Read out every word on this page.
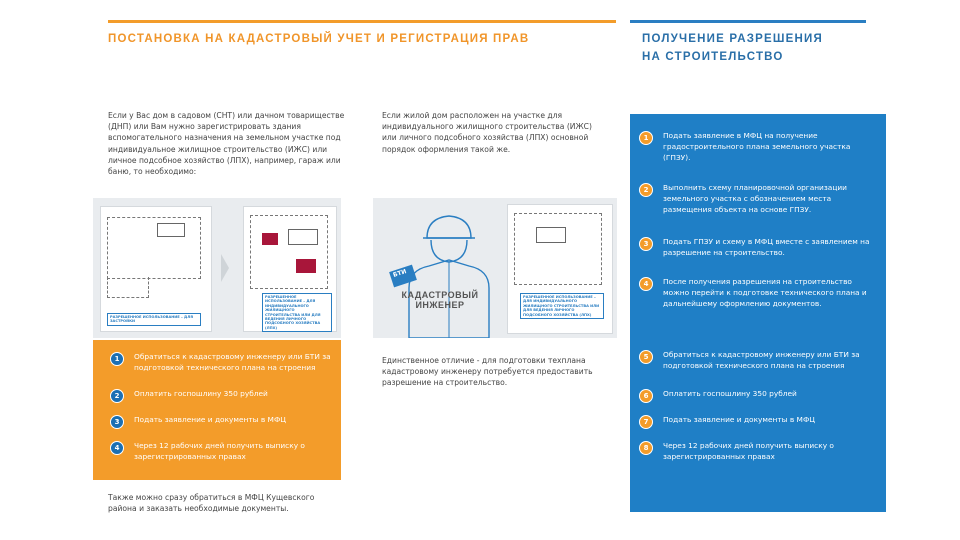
ПОСТАНОВКА НА КАДАСТРОВЫЙ УЧЕТ И РЕГИСТРАЦИЯ ПРАВ	ПОЛУЧЕНИЕ РАЗРЕШЕНИЯ
НА СТРОИТЕЛЬСТВО
Если у Вас дом в садовом (СНТ) или дачном товариществе (ДНП) или Вам нужно зарегистрировать здания вспомогательного назначения на земельном участке под индивидуальное жилищное строительство (ИЖС) или личное подсобное хозяйство (ЛПХ), например, гараж или баню, то необходимо:
Если жилой дом расположен на участке для индивидуального жилищного строительства (ИЖС) или личного подсобного хозяйства (ЛПХ) основной порядок оформления такой же.
РАЗРЕШЕННОЕ ИСПОЛЬЗОВАНИЕ – ДЛЯ ЗАСТРОЙКИ
РАЗРЕШЕННОЕ ИСПОЛЬЗОВАНИЕ – ДЛЯ ИНДИВИДУАЛЬНОГО ЖИЛИЩНОГО СТРОИТЕЛЬСТВА ИЛИ ДЛЯ ВЕДЕНИЯ ЛИЧНОГО ПОДСОБНОГО ХОЗЯЙСТВА (ЛПХ)
БТИ
КАДАСТРОВЫЙ
ИНЖЕНЕР
РАЗРЕШЕННОЕ ИСПОЛЬЗОВАНИЕ – ДЛЯ ИНДИВИДУАЛЬНОГО ЖИЛИЩНОГО СТРОИТЕЛЬСТВА ИЛИ ДЛЯ ВЕДЕНИЯ ЛИЧНОГО ПОДСОБНОГО ХОЗЯЙСТВА (ЛПХ)
Единственное отличие - для подготовки техплана кадастровому инженеру потребуется предоставить разрешение на строительство.
1	Обратиться к кадастровому инженеру или БТИ за подготовкой технического плана на строения
2	Оплатить госпошлину 350 рублей
3	Подать заявление и документы в МФЦ
4	Через 12 рабочих дней получить выписку о зарегистрированных правах
Также можно сразу обратиться в МФЦ Кущевского района и заказать необходимые документы.
1	Подать заявление в МФЦ на получение градостроительного плана земельного участка (ГПЗУ).
2	Выполнить схему планировочной организации земельного участка с обозначением места размещения объекта на основе ГПЗУ.
3	Подать ГПЗУ и схему в МФЦ вместе с заявлением на разрешение на строительство.
4	После получения разрешения на строительство можно перейти к подготовке технического плана и дальнейшему оформлению документов.
5	Обратиться к кадастровому инженеру или БТИ за подготовкой технического плана на строения
6	Оплатить госпошлину 350 рублей
7	Подать заявление и документы в МФЦ
8	Через 12 рабочих дней получить выписку о зарегистрированных правах
